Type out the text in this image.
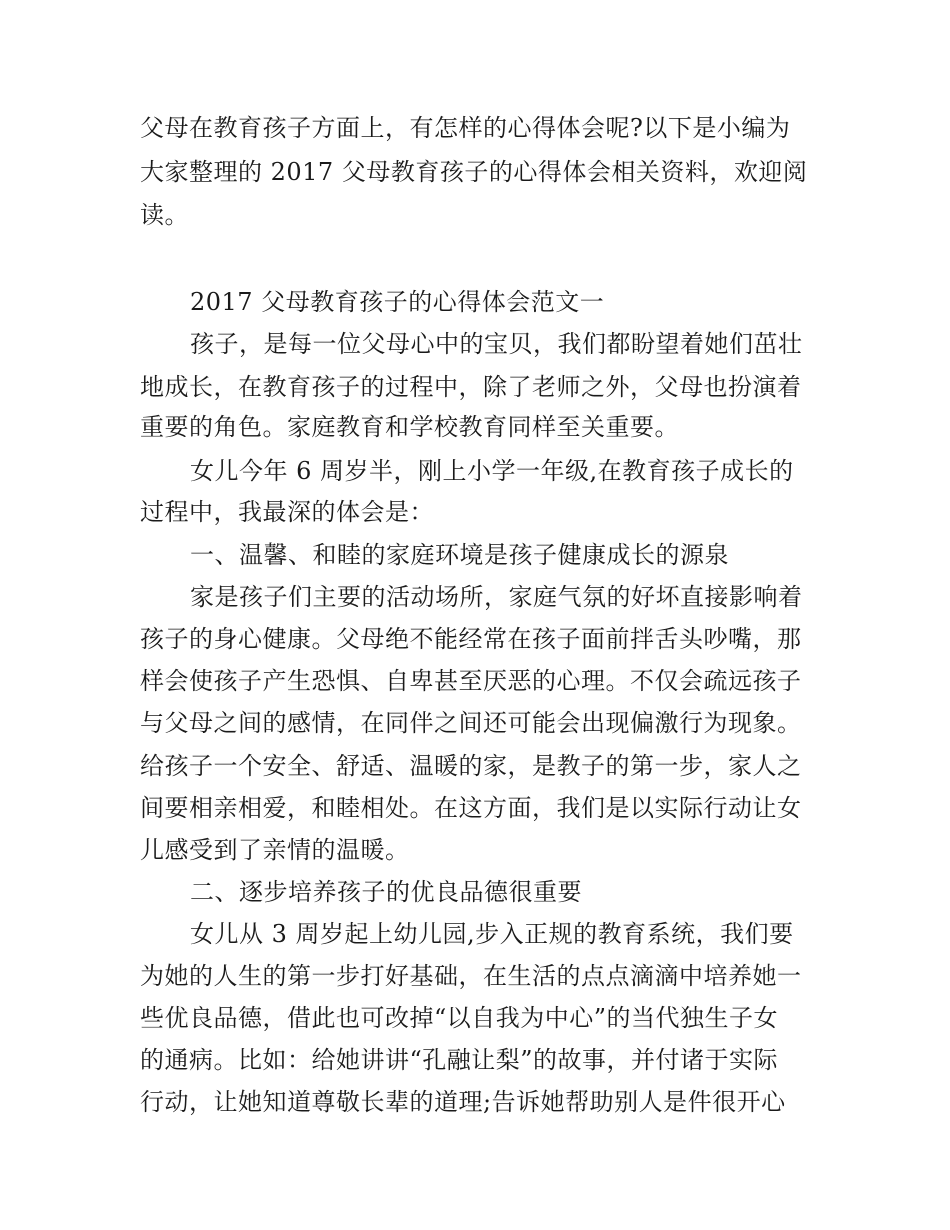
父母在教育孩子方面上，有怎样的心得体会呢?以下是小编为
大家整理的 2017 父母教育孩子的心得体会相关资料，欢迎阅
读。
2017 父母教育孩子的心得体会范文一
孩子，是每一位父母心中的宝贝，我们都盼望着她们茁壮
地成长，在教育孩子的过程中，除了老师之外，父母也扮演着
重要的角色。家庭教育和学校教育同样至关重要。
女儿今年 6 周岁半，刚上小学一年级,在教育孩子成长的
过程中，我最深的体会是：
一、温馨、和睦的家庭环境是孩子健康成长的源泉
家是孩子们主要的活动场所，家庭气氛的好坏直接影响着
孩子的身心健康。父母绝不能经常在孩子面前拌舌头吵嘴，那
样会使孩子产生恐惧、自卑甚至厌恶的心理。不仅会疏远孩子
与父母之间的感情，在同伴之间还可能会出现偏激行为现象。
给孩子一个安全、舒适、温暖的家，是教子的第一步，家人之
间要相亲相爱，和睦相处。在这方面，我们是以实际行动让女
儿感受到了亲情的温暖。
二、逐步培养孩子的优良品德很重要
女儿从 3 周岁起上幼儿园,步入正规的教育系统，我们要
为她的人生的第一步打好基础，在生活的点点滴滴中培养她一
些优良品德，借此也可改掉“以自我为中心”的当代独生子女
的通病。比如：给她讲讲“孔融让梨”的故事，并付诸于实际
行动，让她知道尊敬长辈的道理;告诉她帮助别人是件很开心
